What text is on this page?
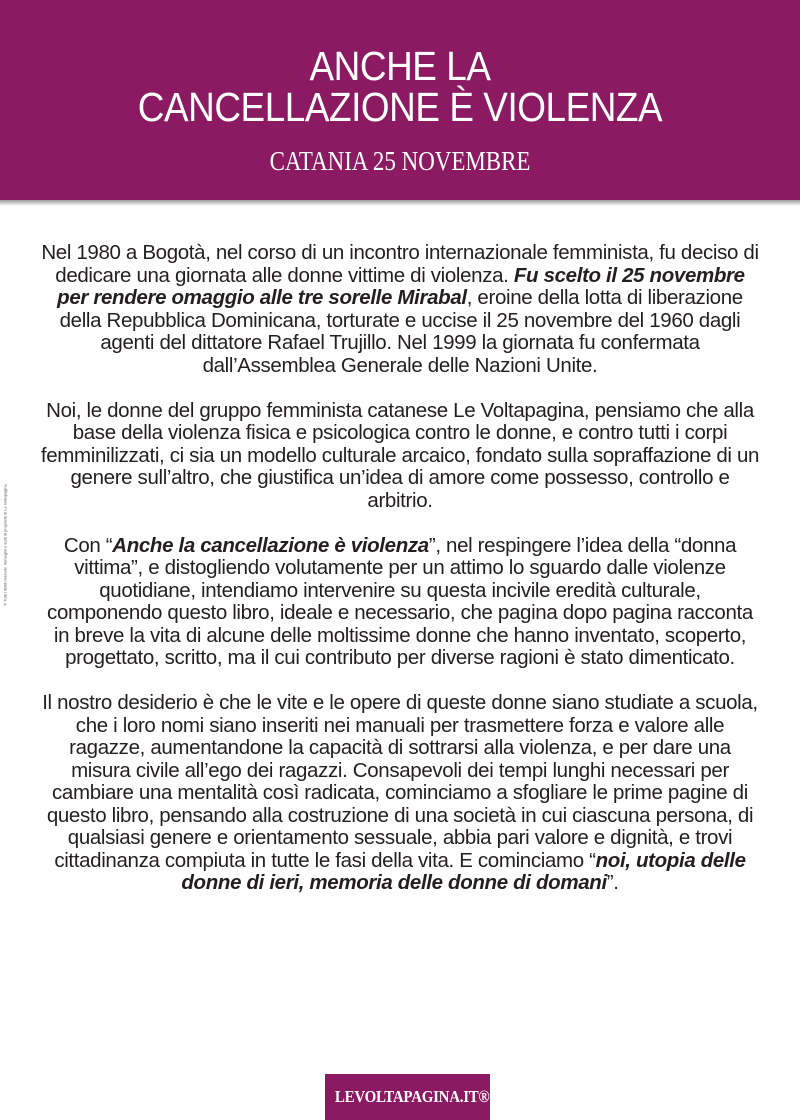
ANCHE LA
CANCELLAZIONE È VIOLENZA
CATANIA 25 NOVEMBRE
© Tutti i diritti riservati. Immagini e testi di proprietà di Le Voltapagina

Nel 1980 a Bogotà, nel corso di un incontro internazionale femminista, fu deciso di dedicare una giornata alle donne vittime di violenza. Fu scelto il 25 novembre per rendere omaggio alle tre sorelle Mirabal, eroine della lotta di liberazione della Repubblica Dominicana, torturate e uccise il 25 novembre del 1960 dagli agenti del dittatore Rafael Trujillo. Nel 1999 la giornata fu confermata dall’Assemblea Generale delle Nazioni Unite.

Noi, le donne del gruppo femminista catanese Le Voltapagina, pensiamo che alla base della violenza fisica e psicologica contro le donne, e contro tutti i corpi femminilizzati, ci sia un modello culturale arcaico, fondato sulla sopraffazione di un genere sull’altro, che giustifica un’idea di amore come possesso, controllo e arbitrio.

Con “Anche la cancellazione è violenza”, nel respingere l’idea della “donna vittima”, e distogliendo volutamente per un attimo lo sguardo dalle violenze quotidiane, intendiamo intervenire su questa incivile eredità culturale, componendo questo libro, ideale e necessario, che pagina dopo pagina racconta in breve la vita di alcune delle moltissime donne che hanno inventato, scoperto, progettato, scritto, ma il cui contributo per diverse ragioni è stato dimenticato.

Il nostro desiderio è che le vite e le opere di queste donne siano studiate a scuola, che i loro nomi siano inseriti nei manuali per trasmettere forza e valore alle ragazze, aumentandone la capacità di sottrarsi alla violenza, e per dare una misura civile all’ego dei ragazzi. Consapevoli dei tempi lunghi necessari per cambiare una mentalità così radicata, cominciamo a sfogliare le prime pagine di questo libro, pensando alla costruzione di una società in cui ciascuna persona, di qualsiasi genere e orientamento sessuale, abbia pari valore e dignità, e trovi cittadinanza compiuta in tutte le fasi della vita. E cominciamo “noi, utopia delle donne di ieri, memoria delle donne di domani”.

LEVOLTAPAGINA.IT®
